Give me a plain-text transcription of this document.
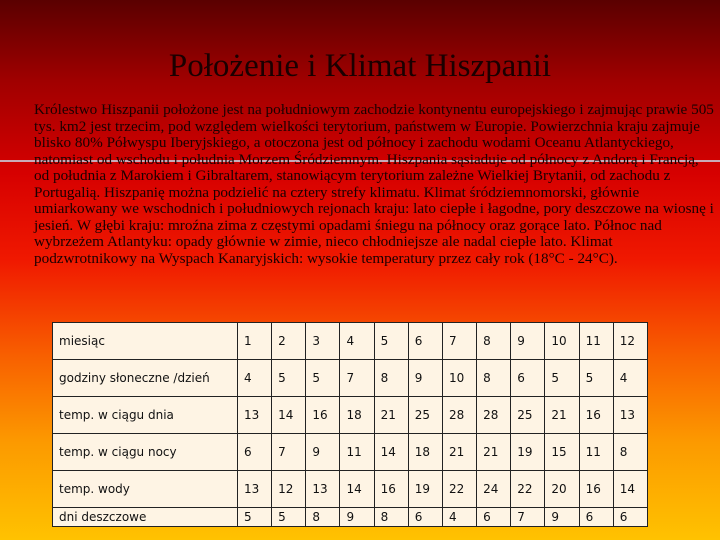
Położenie i Klimat Hiszpanii
Królestwo Hiszpanii położone jest na południowym zachodzie kontynentu europejskiego i zajmując prawie 505 tys. km2 jest trzecim, pod względem wielkości terytorium, państwem w Europie. Powierzchnia kraju zajmuje blisko 80% Półwyspu Iberyjskiego, a otoczona jest od północy i zachodu wodami Oceanu Atlantyckiego, natomiast od wschodu i południa Morzem Śródziemnym. Hiszpania sąsiaduje od północy z Andorą i Francją, od południa z Marokiem i Gibraltarem, stanowiącym terytorium zależne Wielkiej Brytanii, od zachodu z Portugalią. Hiszpanię można podzielić na cztery strefy klimatu. Klimat śródziemnomorski, głównie umiarkowany we wschodnich i południowych rejonach kraju: lato ciepłe i łagodne, pory deszczowe na wiosnę i jesień. W głębi kraju: mroźna zima z częstymi opadami śniegu na północy oraz gorące lato. Północ nad wybrzeżem Atlantyku: opady głównie w zimie, nieco chłodniejsze ale nadal ciepłe lato. Klimat podzwrotnikowy na Wyspach Kanaryjskich: wysokie temperatury przez cały rok (18°C - 24°C).
miesiąc	1	2	3	4	5	6	7	8	9	10	11	12
godziny słoneczne /dzień	4	5	5	7	8	9	10	8	6	5	5	4
temp. w ciągu dnia	13	14	16	18	21	25	28	28	25	21	16	13
temp. w ciągu nocy	6	7	9	11	14	18	21	21	19	15	11	8
temp. wody	13	12	13	14	16	19	22	24	22	20	16	14
dni deszczowe	5	5	8	9	8	6	4	6	7	9	6	6
